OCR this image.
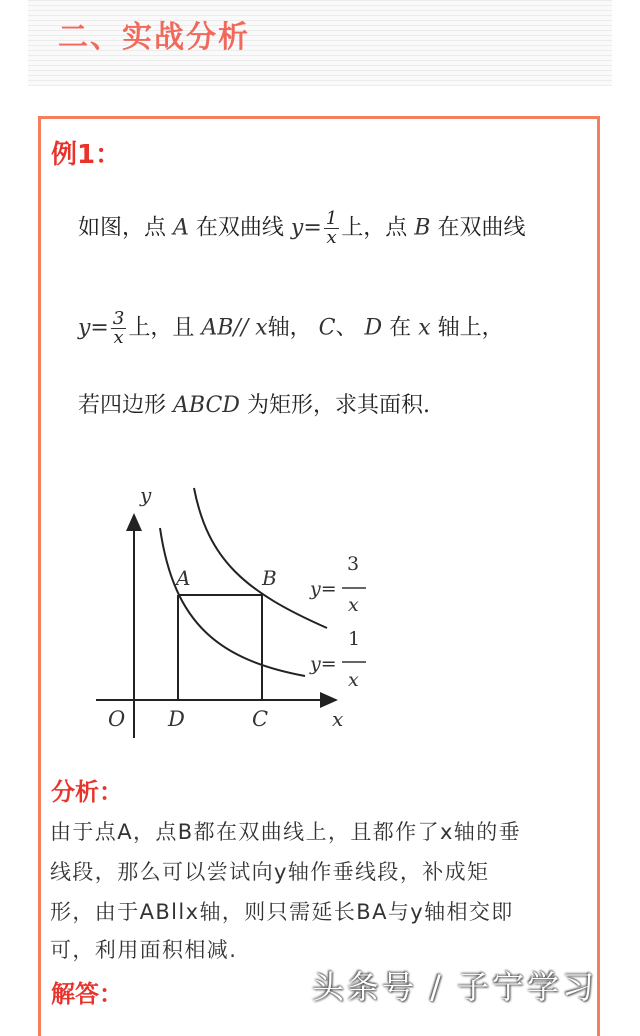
二、实战分析
例1：
如图，点 A 在双曲线 $y= \frac{1}{x}$ 上，点 B 在双曲线
$y= \frac{3}{x}$ 上，且 AB// x轴， C、 D 在 x 轴上，
若四边形 ABCD 为矩形，求其面积.
y
x
O
A	B
D	C
y=
3
x
y=
1
x
分析：
由于点A，点B都在双曲线上，且都作了x轴的垂
线段，那么可以尝试向y轴作垂线段，补成矩
形，由于ABllx轴，则只需延长BA与y轴相交即
可，利用面积相减.
解答：	头条号 / 子宁学习
